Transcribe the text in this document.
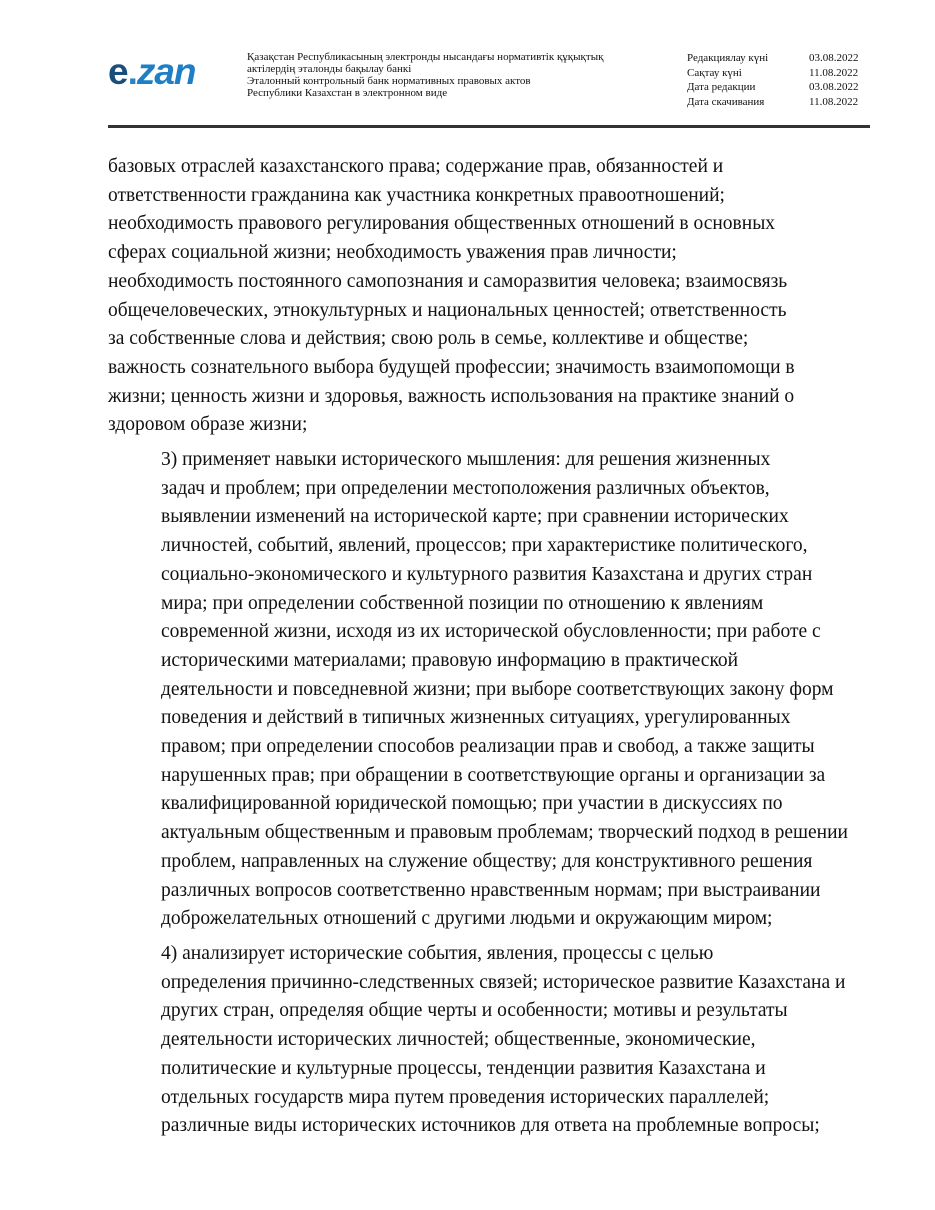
e.zan	Қазақстан Республикасының электронды нысандағы нормативтік құқықтық
актілердің эталонды бақылау банкі
Эталонный контрольный банк нормативных правовых актов
Республики Казахстан в электронном виде
Редакциялау күні	03.08.2022
Сақтау күні	11.08.2022
Дата редакции	03.08.2022
Дата скачивания	11.08.2022

базовых отраслей казахстанского права; содержание прав, обязанностей и
ответственности гражданина как участника конкретных правоотношений;
необходимость правового регулирования общественных отношений в основных
сферах социальной жизни; необходимость уважения прав личности;
необходимость постоянного самопознания и саморазвития человека; взаимосвязь
общечеловеческих, этнокультурных и национальных ценностей; ответственность
за собственные слова и действия; свою роль в семье, коллективе и обществе;
важность сознательного выбора будущей профессии; значимость взаимопомощи в
жизни; ценность жизни и здоровья, важность использования на практике знаний о
здоровом образе жизни;

3) применяет навыки исторического мышления: для решения жизненных
задач и проблем; при определении местоположения различных объектов,
выявлении изменений на исторической карте; при сравнении исторических
личностей, событий, явлений, процессов; при характеристике политического,
социально-экономического и культурного развития Казахстана и других стран
мира; при определении собственной позиции по отношению к явлениям
современной жизни, исходя из их исторической обусловленности; при работе с
историческими материалами; правовую информацию в практической
деятельности и повседневной жизни; при выборе соответствующих закону форм
поведения и действий в типичных жизненных ситуациях, урегулированных
правом; при определении способов реализации прав и свобод, а также защиты
нарушенных прав; при обращении в соответствующие органы и организации за
квалифицированной юридической помощью; при участии в дискуссиях по
актуальным общественным и правовым проблемам; творческий подход в решении
проблем, направленных на служение обществу; для конструктивного решения
различных вопросов соответственно нравственным нормам; при выстраивании
доброжелательных отношений с другими людьми и окружающим миром;

4) анализирует исторические события, явления, процессы с целью
определения причинно-следственных связей; историческое развитие Казахстана и
других стран, определяя общие черты и особенности; мотивы и результаты
деятельности исторических личностей; общественные, экономические,
политические и культурные процессы, тенденции развития Казахстана и
отдельных государств мира путем проведения исторических параллелей;
различные виды исторических источников для ответа на проблемные вопросы;
